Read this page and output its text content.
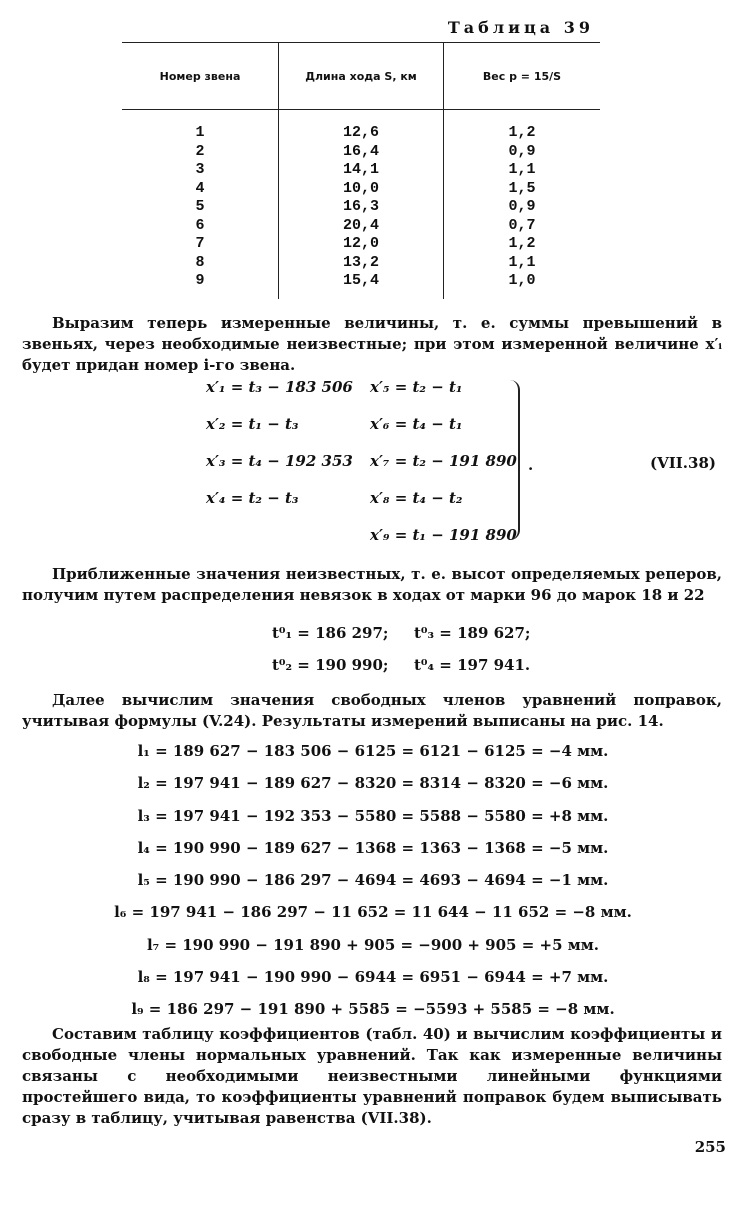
Таблица 39
Номер звена	Длина хода S, км	Вес p = 15/S
1	12,6	1,2
2	16,4	0,9
3	14,1	1,1
4	10,0	1,5
5	16,3	0,9
6	20,4	0,7
7	12,0	1,2
8	13,2	1,1
9	15,4	1,0
Выразим теперь измеренные величины, т. е. суммы превышений в звеньях, через необходимые неизвестные; при этом измеренной величине x′ᵢ будет придан номер i-го звена.
x′₁ = t₃ − 183 506
x′₂ = t₁ − t₃
x′₃ = t₄ − 192 353
x′₄ = t₂ − t₃
x′₅ = t₂ − t₁
x′₆ = t₄ − t₁
x′₇ = t₂ − 191 890
x′₈ = t₄ − t₂
x′₉ = t₁ − 191 890
.	(VII.38)
Приближенные значения неизвестных, т. е. высот определяемых реперов, получим путем распределения невязок в ходах от марки 96 до марок 18 и 22
t⁰₁ = 186 297; t⁰₃ = 189 627;
t⁰₂ = 190 990; t⁰₄ = 197 941.
Далее вычислим значения свободных членов уравнений поправок, учитывая формулы (V.24). Результаты измерений выписаны на рис. 14.
l₁ = 189 627 − 183 506 − 6125 = 6121 − 6125 = −4 мм.
l₂ = 197 941 − 189 627 − 8320 = 8314 − 8320 = −6 мм.
l₃ = 197 941 − 192 353 − 5580 = 5588 − 5580 = +8 мм.
l₄ = 190 990 − 189 627 − 1368 = 1363 − 1368 = −5 мм.
l₅ = 190 990 − 186 297 − 4694 = 4693 − 4694 = −1 мм.
l₆ = 197 941 − 186 297 − 11 652 = 11 644 − 11 652 = −8 мм.
l₇ = 190 990 − 191 890 + 905 = −900 + 905 = +5 мм.
l₈ = 197 941 − 190 990 − 6944 = 6951 − 6944 = +7 мм.
l₉ = 186 297 − 191 890 + 5585 = −5593 + 5585 = −8 мм.
Составим таблицу коэффициентов (табл. 40) и вычислим коэффициенты и свободные члены нормальных уравнений. Так как измеренные величины связаны с необходимыми неизвестными линейными функциями простейшего вида, то коэффициенты уравнений поправок будем выписывать сразу в таблицу, учитывая равенства (VII.38).
255
